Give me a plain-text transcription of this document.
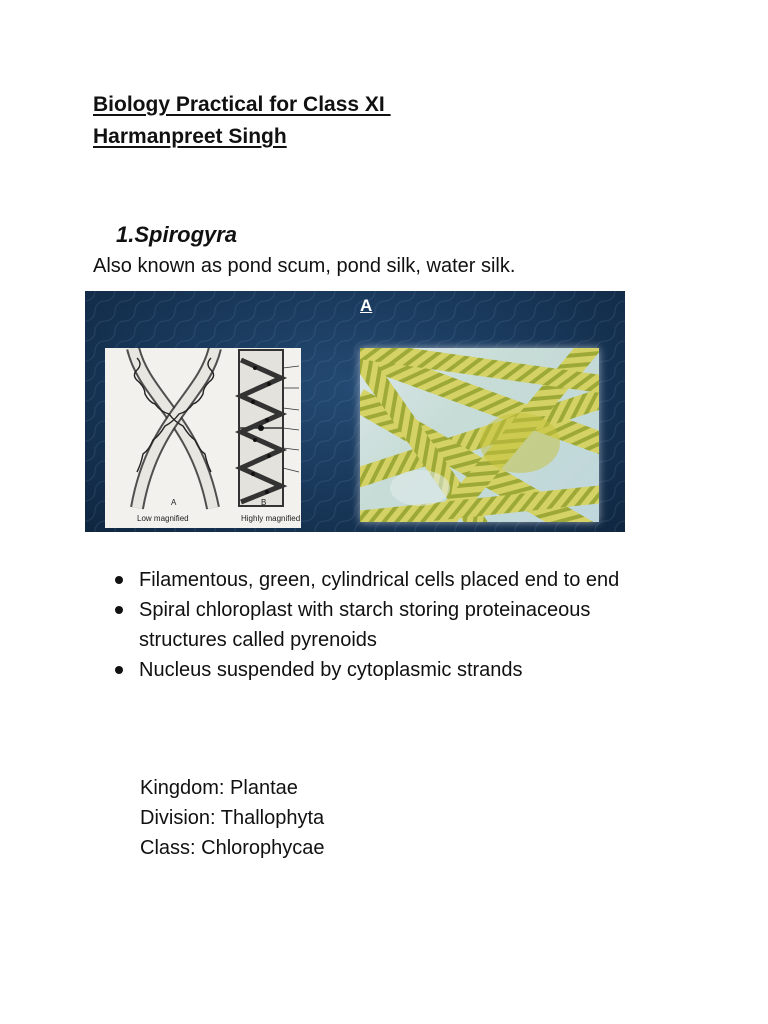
Biology Practical for Class XI
Harmanpreet Singh
1.Spirogyra
Also known as pond scum, pond silk, water silk.
A
A
Low magnified
B
Highly magnified
Filamentous, green, cylindrical cells placed end to end
Spiral chloroplast with starch storing proteinaceous structures called pyrenoids
Nucleus suspended by cytoplasmic strands
Kingdom: Plantae
Division: Thallophyta
Class: Chlorophycae
